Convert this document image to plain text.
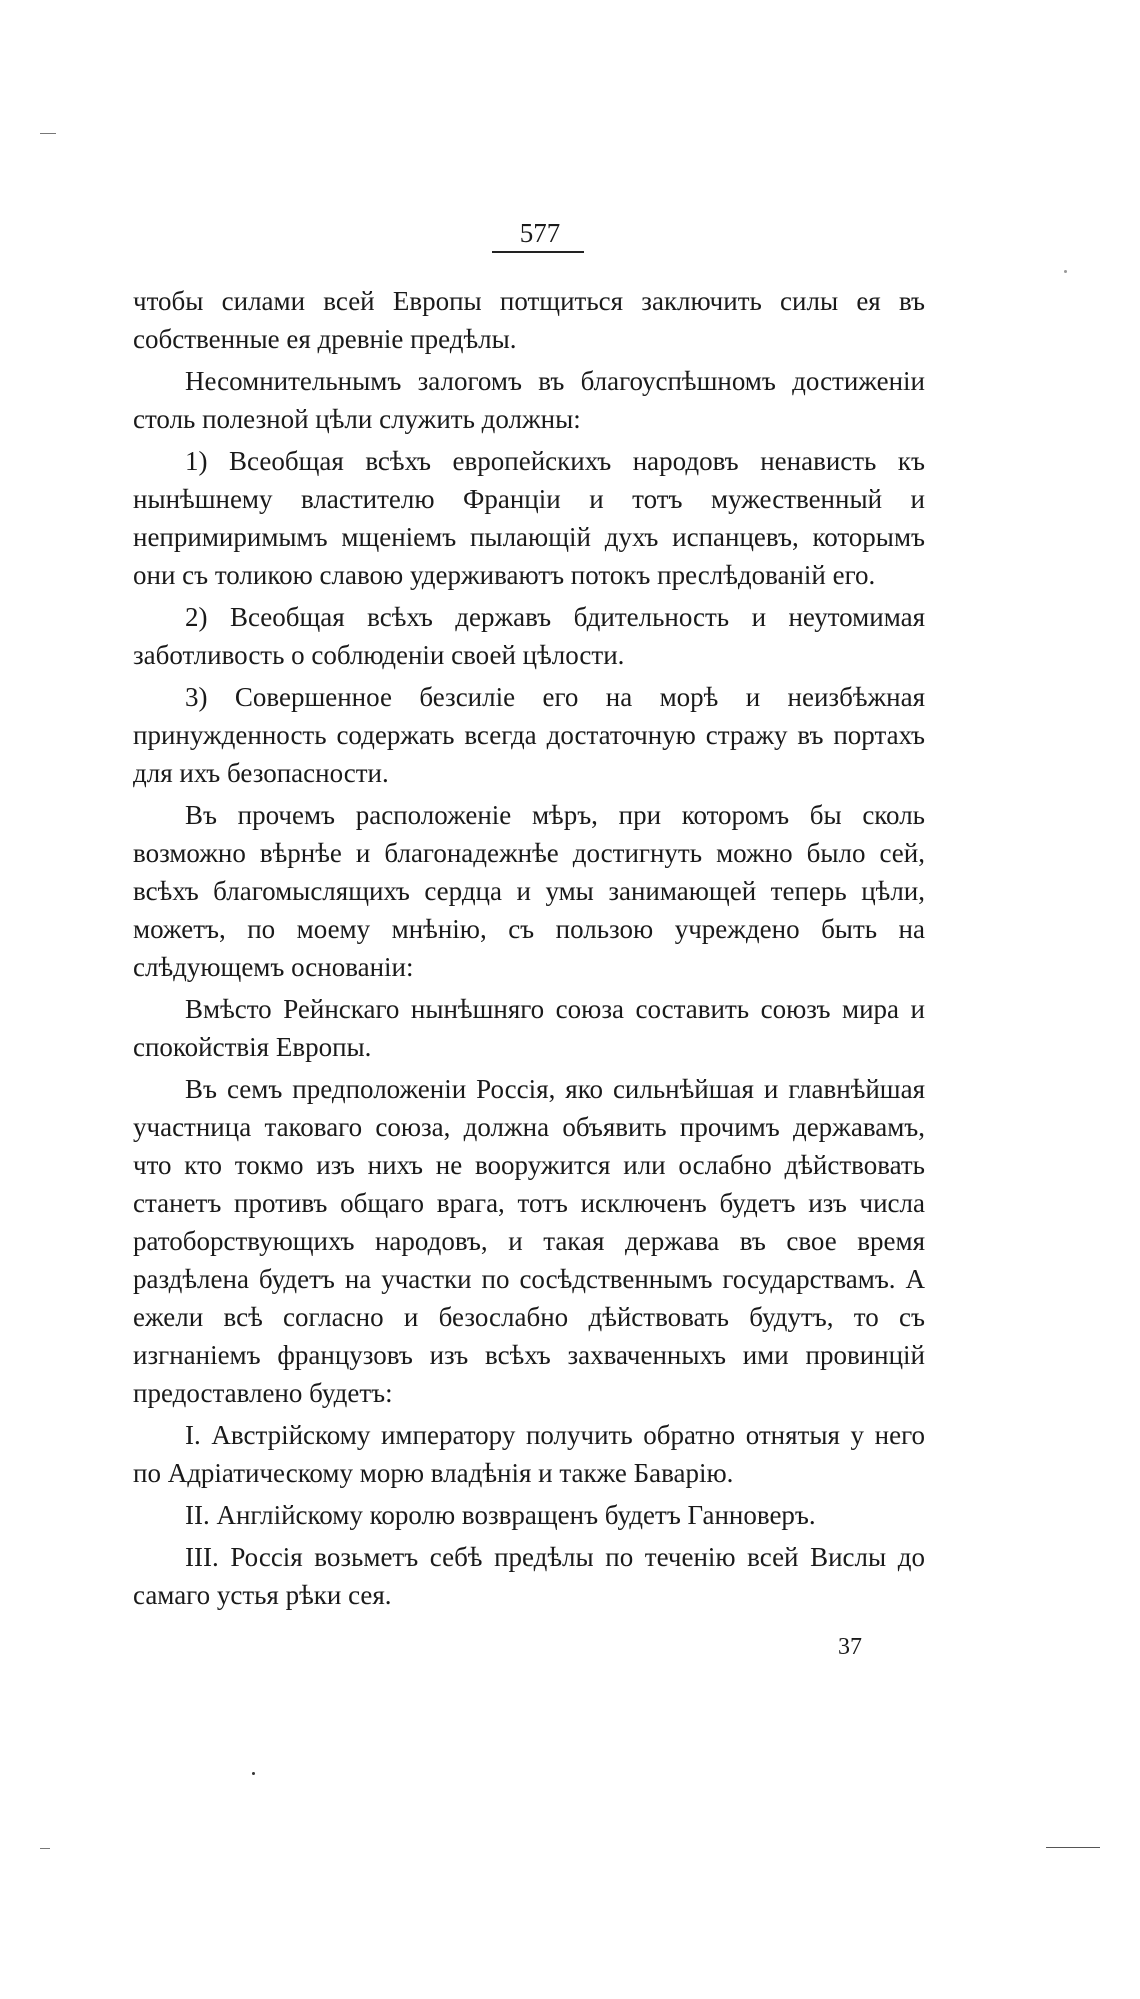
577

чтобы силами всей Европы потщиться заключить силы ея въ собственные ея древніе предѣлы.

Несомнительнымъ залогомъ въ благоуспѣшномъ достиженіи столь полезной цѣли служить должны:

1) Всеобщая всѣхъ европейскихъ народовъ ненависть къ нынѣшнему властителю Франціи и тотъ мужественный и непримиримымъ мщеніемъ пылающій духъ испанцевъ, которымъ они съ толикою славою удерживаютъ потокъ преслѣдованій его.

2) Всеобщая всѣхъ державъ бдительность и неутомимая заботливость о соблюденіи своей цѣлости.

3) Совершенное безсиліе его на морѣ и неизбѣжная принужденность содержать всегда достаточную стражу въ портахъ для ихъ безопасности.

Въ прочемъ расположеніе мѣръ, при которомъ бы сколь возможно вѣрнѣе и благонадежнѣе достигнуть можно было сей, всѣхъ благомыслящихъ сердца и умы занимающей теперь цѣли, можетъ, по моему мнѣнію, съ пользою учреждено быть на слѣдующемъ основаніи:

Вмѣсто Рейнскаго нынѣшняго союза составить союзъ мира и спокойствія Европы.

Въ семъ предположеніи Россія, яко сильнѣйшая и главнѣйшая участница таковаго союза, должна объявить прочимъ державамъ, что кто токмо изъ нихъ не вооружится или ослабно дѣйствовать станетъ противъ общаго врага, тотъ исключенъ будетъ изъ числа ратоборствующихъ народовъ, и такая держава въ свое время раздѣлена будетъ на участки по сосѣдственнымъ государствамъ. А ежели всѣ согласно и безослабно дѣйствовать будутъ, то съ изгнаніемъ французовъ изъ всѣхъ захваченныхъ ими провинцій предоставлено будетъ:

I. Австрійскому императору получить обратно отнятыя у него по Адріатическому морю владѣнія и также Баварію.

II. Англійскому королю возвращенъ будетъ Ганноверъ.

III. Россія возьметъ себѣ предѣлы по теченію всей Вислы до самаго устья рѣки сея.

37
